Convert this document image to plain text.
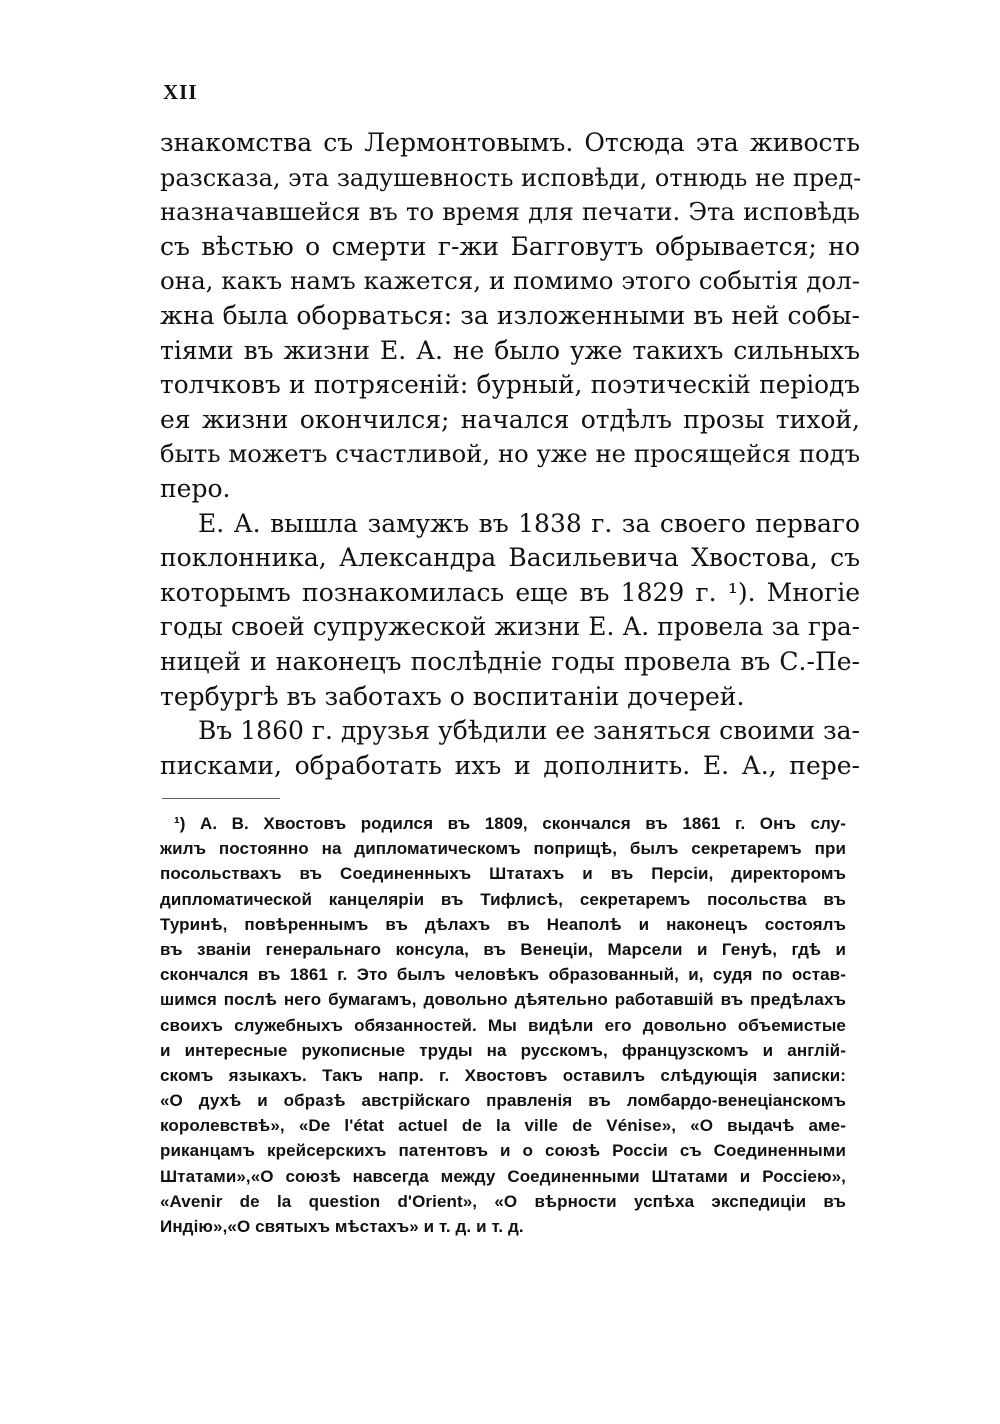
XII
знакомства съ Лермонтовымъ. Отсюда эта живость
разсказа, эта задушевность исповѣди, отнюдь не пред-
назначавшейся въ то время для печати. Эта исповѣдь
съ вѣстью о смерти г-жи Багговутъ обрывается; но
она, какъ намъ кажется, и помимо этого событія дол-
жна была оборваться: за изложенными въ ней собы-
тіями въ жизни Е. А. не было уже такихъ сильныхъ
толчковъ и потрясеній: бурный, поэтическій періодъ
ея жизни окончился; начался отдѣлъ прозы тихой,
быть можетъ счастливой, но уже не просящейся подъ
перо.
Е. А. вышла замужъ въ 1838 г. за своего перваго
поклонника, Александра Васильевича Хвостова, съ
которымъ познакомилась еще въ 1829 г. ¹). Многіе
годы своей супружеской жизни Е. А. провела за гра-
ницей и наконецъ послѣдніе годы провела въ С.-Пе-
тербургѣ въ заботахъ о воспитаніи дочерей.
Въ 1860 г. друзья убѣдили ее заняться своими за-
писками, обработать ихъ и дополнить. Е. А., пере-
¹) А. В. Хвостовъ родился въ 1809, скончался въ 1861 г. Онъ слу-
жилъ постоянно на дипломатическомъ поприщѣ, былъ секретаремъ при
посольствахъ въ Соединенныхъ Штатахъ и въ Персіи, директоромъ
дипломатической канцеляріи въ Тифлисѣ, секретаремъ посольства въ
Туринѣ, повѣреннымъ въ дѣлахъ въ Неаполѣ и наконецъ состоялъ
въ званіи генеральнаго консула, въ Венеціи, Марсели и Генуѣ, гдѣ и
скончался въ 1861 г. Это былъ человѣкъ образованный, и, судя по остав-
шимся послѣ него бумагамъ, довольно дѣятельно работавшій въ предѣлахъ
своихъ служебныхъ обязанностей. Мы видѣли его довольно объемистые
и интересные рукописные труды на русскомъ, французскомъ и англій-
скомъ языкахъ. Такъ напр. г. Хвостовъ оставилъ слѣдующія записки:
«О духѣ и образѣ австрійскаго правленія въ ломбардо-венеціанскомъ
королевствѣ», «De l'état actuel de la ville de Vénise», «О выдачѣ аме-
риканцамъ крейсерскихъ патентовъ и о союзѣ Россіи съ Соединенными
Штатами»,«О союзѣ навсегда между Соединенными Штатами и Россіею»,
«Avenir de la question d'Orient», «О вѣрности успѣха экспедиціи въ
Индію»,«О святыхъ мѣстахъ» и т. д. и т. д.
